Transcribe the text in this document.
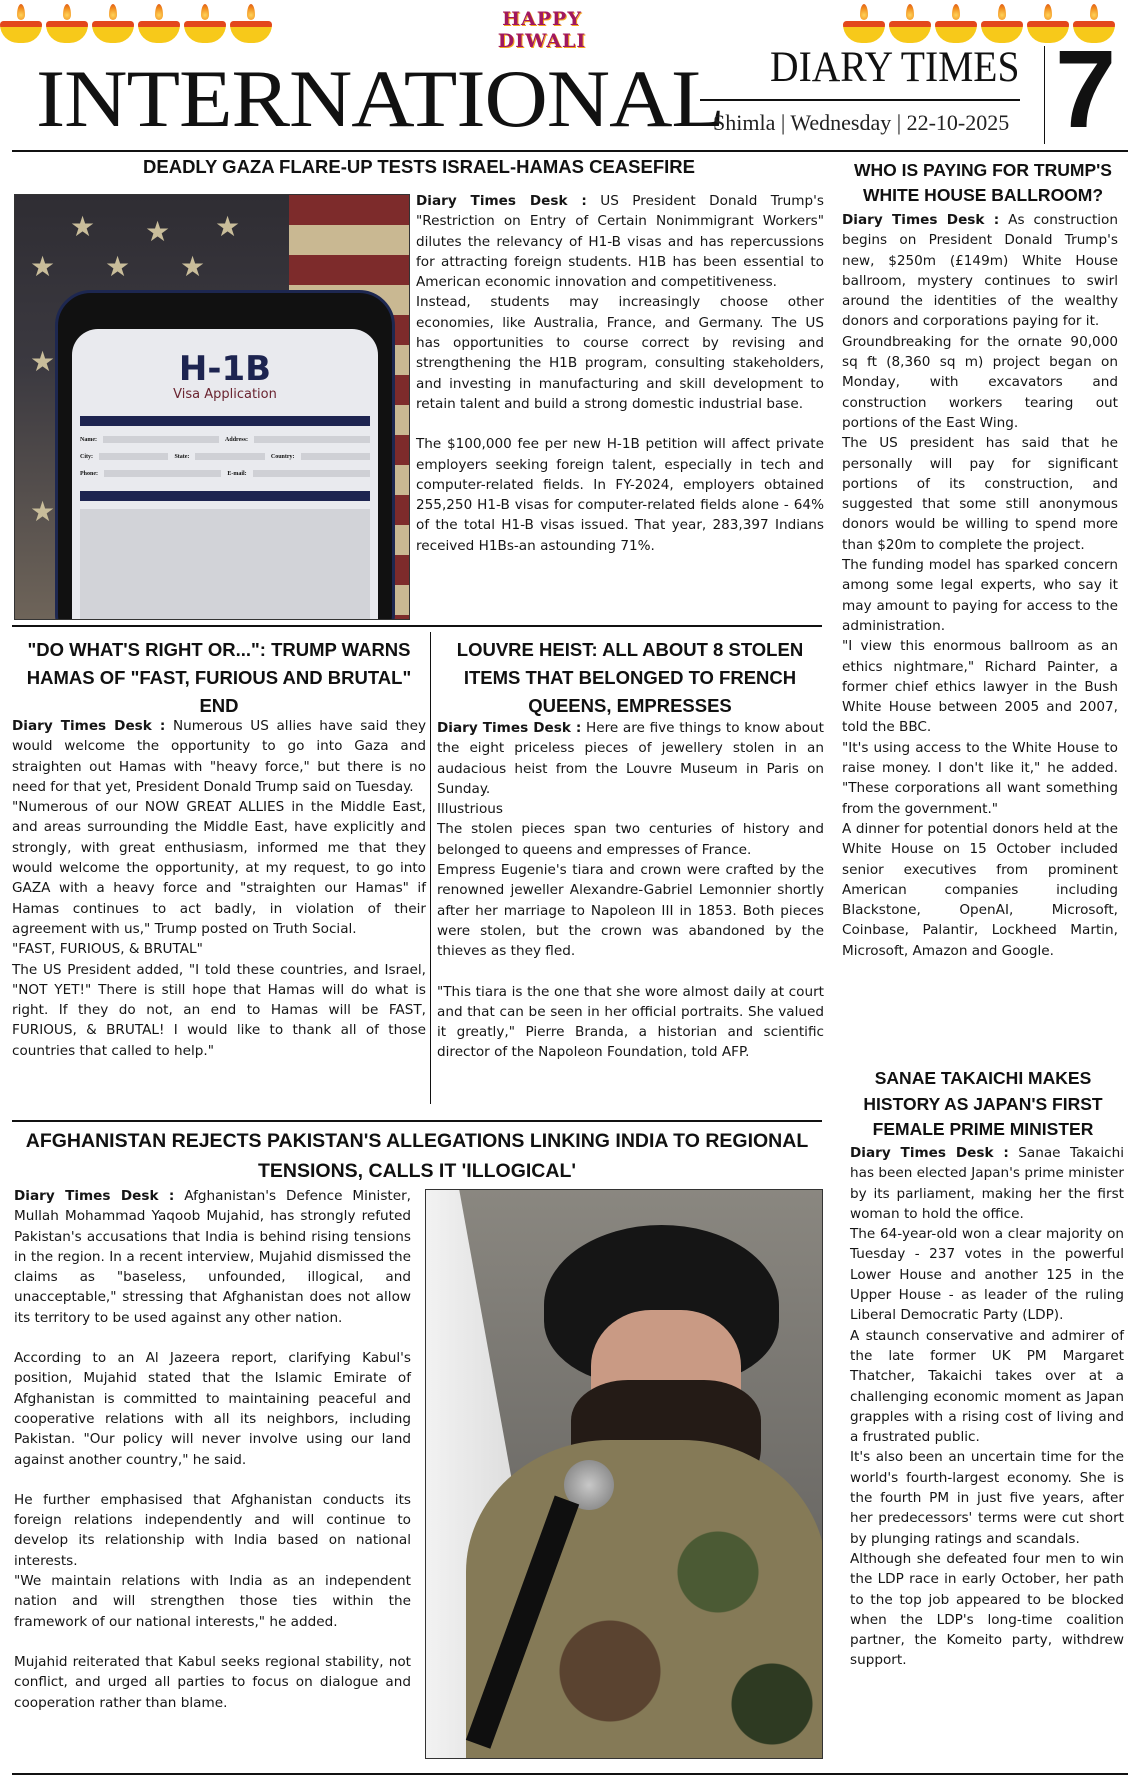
HAPPY
DIWALI
INTERNATIONAL DIARY TIMES
Shimla | Wednesday | 22-10-2025 7
DEADLY GAZA FLARE-UP TESTS ISRAEL-HAMAS CEASEFIRE
★ ★ ★
★ ★ ★
★
★
H-1B
Visa Application
Name:	Address:
City:	State:	Country:
Phone:	E-mail:

Diary Times Desk : US President Donald Trump's "Restriction on Entry of Certain Nonimmigrant Workers" dilutes the relevancy of H1-B visas and has repercussions for attracting foreign students. H1B has been essential to American economic innovation and competitiveness.

Instead, students may increasingly choose other economies, like Australia, France, and Germany. The US has opportunities to course correct by revising and strengthening the H1B program, consulting stakeholders, and investing in manufacturing and skill development to retain talent and build a strong domestic industrial base.

The $100,000 fee per new H-1B petition will affect private employers seeking foreign talent, especially in tech and computer-related fields. In FY-2024, employers obtained 255,250 H1-B visas for computer-related fields alone - 64% of the total H1-B visas issued. That year, 283,397 Indians received H1Bs-an astounding 71%.

"DO WHAT'S RIGHT OR...": TRUMP WARNS HAMAS OF "FAST, FURIOUS AND BRUTAL" END

Diary Times Desk : Numerous US allies have said they would welcome the opportunity to go into Gaza and straighten out Hamas with "heavy force," but there is no need for that yet, President Donald Trump said on Tuesday.

"Numerous of our NOW GREAT ALLIES in the Middle East, and areas surrounding the Middle East, have explicitly and strongly, with great enthusiasm, informed me that they would welcome the opportunity, at my request, to go into GAZA with a heavy force and "straighten our Hamas" if Hamas continues to act badly, in violation of their agreement with us," Trump posted on Truth Social.

"FAST, FURIOUS, & BRUTAL"

The US President added, "I told these countries, and Israel, "NOT YET!" There is still hope that Hamas will do what is right. If they do not, an end to Hamas will be FAST, FURIOUS, & BRUTAL! I would like to thank all of those countries that called to help."

LOUVRE HEIST: ALL ABOUT 8 STOLEN ITEMS THAT BELONGED TO FRENCH QUEENS, EMPRESSES

Diary Times Desk : Here are five things to know about the eight priceless pieces of jewellery stolen in an audacious heist from the Louvre Museum in Paris on Sunday.

Illustrious

The stolen pieces span two centuries of history and belonged to queens and empresses of France.

Empress Eugenie's tiara and crown were crafted by the renowned jeweller Alexandre-Gabriel Lemonnier shortly after her marriage to Napoleon III in 1853. Both pieces were stolen, but the crown was abandoned by the thieves as they fled.

"This tiara is the one that she wore almost daily at court and that can be seen in her official portraits. She valued it greatly," Pierre Branda, a historian and scientific director of the Napoleon Foundation, told AFP.

AFGHANISTAN REJECTS PAKISTAN'S ALLEGATIONS LINKING INDIA TO REGIONAL TENSIONS, CALLS IT 'ILLOGICAL'

Diary Times Desk : Afghanistan's Defence Minister, Mullah Mohammad Yaqoob Mujahid, has strongly refuted Pakistan's accusations that India is behind rising tensions in the region. In a recent interview, Mujahid dismissed the claims as "baseless, unfounded, illogical, and unacceptable," stressing that Afghanistan does not allow its territory to be used against any other nation.

According to an Al Jazeera report, clarifying Kabul's position, Mujahid stated that the Islamic Emirate of Afghanistan is committed to maintaining peaceful and cooperative relations with all its neighbors, including Pakistan. "Our policy will never involve using our land against another country," he said.

He further emphasised that Afghanistan conducts its foreign relations independently and will continue to develop its relationship with India based on national interests.

"We maintain relations with India as an independent nation and will strengthen those ties within the framework of our national interests," he added.

Mujahid reiterated that Kabul seeks regional stability, not conflict, and urged all parties to focus on dialogue and cooperation rather than blame.

WHO IS PAYING FOR TRUMP'S WHITE HOUSE BALLROOM?

Diary Times Desk : As construction begins on President Donald Trump's new, $250m (£149m) White House ballroom, mystery continues to swirl around the identities of the wealthy donors and corporations paying for it.

Groundbreaking for the ornate 90,000 sq ft (8,360 sq m) project began on Monday, with excavators and construction workers tearing out portions of the East Wing.

The US president has said that he personally will pay for significant portions of its construction, and suggested that some still anonymous donors would be willing to spend more than $20m to complete the project.

The funding model has sparked concern among some legal experts, who say it may amount to paying for access to the administration.

"I view this enormous ballroom as an ethics nightmare," Richard Painter, a former chief ethics lawyer in the Bush White House between 2005 and 2007, told the BBC.

"It's using access to the White House to raise money. I don't like it," he added. "These corporations all want something from the government."

A dinner for potential donors held at the White House on 15 October included senior executives from prominent American companies including Blackstone, OpenAI, Microsoft, Coinbase, Palantir, Lockheed Martin, Microsoft, Amazon and Google.

SANAE TAKAICHI MAKES HISTORY AS JAPAN'S FIRST FEMALE PRIME MINISTER

Diary Times Desk : Sanae Takaichi has been elected Japan's prime minister by its parliament, making her the first woman to hold the office.

The 64-year-old won a clear majority on Tuesday - 237 votes in the powerful Lower House and another 125 in the Upper House - as leader of the ruling Liberal Democratic Party (LDP).

A staunch conservative and admirer of the late former UK PM Margaret Thatcher, Takaichi takes over at a challenging economic moment as Japan grapples with a rising cost of living and a frustrated public.

It's also been an uncertain time for the world's fourth-largest economy. She is the fourth PM in just five years, after her predecessors' terms were cut short by plunging ratings and scandals.

Although she defeated four men to win the LDP race in early October, her path to the top job appeared to be blocked when the LDP's long-time coalition partner, the Komeito party, withdrew support.
